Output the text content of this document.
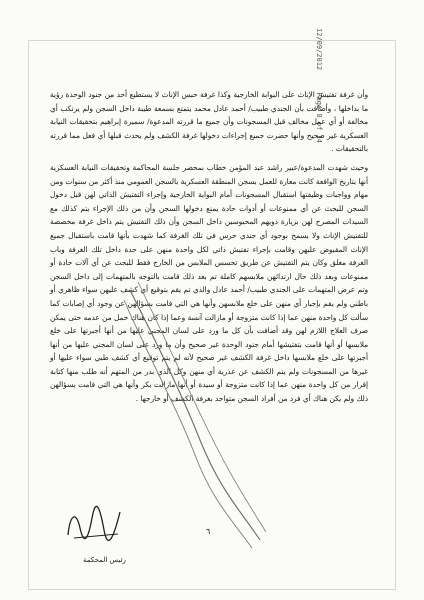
12/09/2012 Page 8 of 14

وأن غرفة تفتيش الإناث على البوابة الخارجية وكذا غرفة حبس الإناث لا يستطيع أحد من جنود الوحدة رؤية ما بداخلها ، وأضافت بأن الجندي طبيب/ أحمد عادل محمد يتمتع بسمعة طيبة داخل السجن ولم يرتكب أي مخالفة أو أي عمل مخالف قبل المسجونات وأن جميع ما قررته المدعوة/ سميرة إبراهيم بتحقيقات النيابة العسكرية غير صحيح وأنها حضرت جميع إجراءات دخولها غرفة الكشف ولم يحدث قبلها أي فعل مما قررته بالتحقيقات .

وحيث شهدت المدعوة/عبير راشد عبد المؤمن خطاب بمحضر جلسة المحاكمة وتحقيقات النيابة العسكرية أنها بتاريخ الواقعة كانت معارة للعمل بسجن المنطقة العسكرية بالسجن العمومي منذ أكثر من سنوات ومن مهام وواجبات وظيفتها استقبال المسجونات أمام البوابة الخارجية وإجراء التفتيش الذاتي لهن قبل دخول السجن للبحث عن أي ممنوعات أو أدوات حادة يمنع دخولها السجن وأن من ذلك الإجراء يتم كذلك مع السيدات المصرح لهن بزيارة ذويهم المحبوسين داخل السجن وأن ذلك التفتيش يتم داخل غرفة مخصصة للتفتيش الإناث ولا يسمح بوجود أي جندي حرس في تلك الغرفة كما شهدت بأنها قامت باستقبال جميع الإناث المقبوض عليهن وقامت بإجراء تفتيش ذاتي لكل واحدة منهن على حدة داخل تلك الغرفة وباب الغرفة مغلق وكان يتم التفتيش عن طريق تحسس الملابس من الخارج فقط للبحث عن أي آلات حادة أو ممنوعات وبعد ذلك حال ارتدائهن ملابسهم كاملة تم بعد ذلك قامت بالتوجه بالمتهمات إلى داخل السجن وتم عرض المتهمات على الجندي طبيب/ أحمد عادل والذي تم يقم بتوقيع أي كشف عليهن سواء ظاهري أو باطني ولم يقم بإجبار أي منهن على خلع ملابسهن وأنها هي التي قامت بسؤالهن عن وجود أي إصابات كما سألت كل واحدة منهن عما إذا كانت متزوجة أو مازالت آنسة وعما إذا كان هناك حمل من عدمه حتى يمكن صرف العلاج اللازم لهن وقد أضافت بأن كل ما ورد على لسان المجني عليها من أنها أجبرتها على خلع ملابسها أو أنها قامت بتفتيشها أمام جنود الوحدة غير صحيح وأن ما ورد على لسان المجني عليها من أنها أجبرتها على خلع ملابسها داخل غرفة الكشف غير صحيح لأنه لم يتم توقيع أي كشف طبي سواء عليها أو غيرها من المسجونات ولم يتم الكشف عن عذرية أي منهن وكل الذي بدر من المتهم أنه طلب منها كتابة إقرار من كل واحدة منهن عما إذا كانت متزوجة أو سيدة أو أنها مازالت بكر وأنها هي التي قامت بسؤالهن ذلك ولم يكن هناك أي فرد من أفراد السجن متواجد بغرفة الكشف أو خارجها .

٦
رئيس المحكمة
